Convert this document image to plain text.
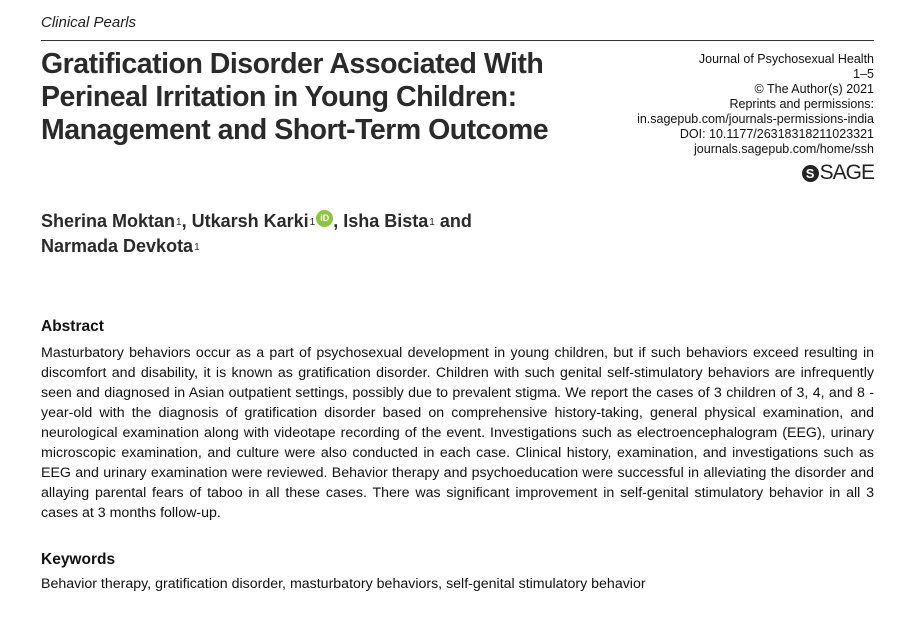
Clinical Pearls
Gratification Disorder Associated With
Perineal Irritation in Young Children:
Management and Short-Term Outcome
Journal of Psychosexual Health
1–5
© The Author(s) 2021
Reprints and permissions:
in.sagepub.com/journals-permissions-india
DOI: 10.1177/26318318211023321
journals.sagepub.com/home/ssh
S SAGE
Sherina Moktan$^1$, Utkarsh Karki$^1$ iD , Isha Bista$^1$ and
Narmada Devkota$^1$
Abstract
Masturbatory behaviors occur as a part of psychosexual development in young children, but if such behaviors exceed resulting in discomfort and disability, it is known as gratification disorder. Children with such genital self-stimulatory behaviors are infrequently seen and diagnosed in Asian outpatient settings, possibly due to prevalent stigma. We report the cases of 3 children of 3, 4, and 8 - year-old with the diagnosis of gratification disorder based on comprehensive history-taking, general physical examination, and neurological examination along with videotape recording of the event. Investigations such as electroencephalogram (EEG), urinary microscopic examination, and culture were also conducted in each case. Clinical history, examination, and investigations such as EEG and urinary examination were reviewed. Behavior therapy and psychoeducation were successful in alleviating the disorder and allaying parental fears of taboo in all these cases. There was significant improvement in self-genital stimulatory behavior in all 3 cases at 3 months follow-up.
Keywords
Behavior therapy, gratification disorder, masturbatory behaviors, self-genital stimulatory behavior
